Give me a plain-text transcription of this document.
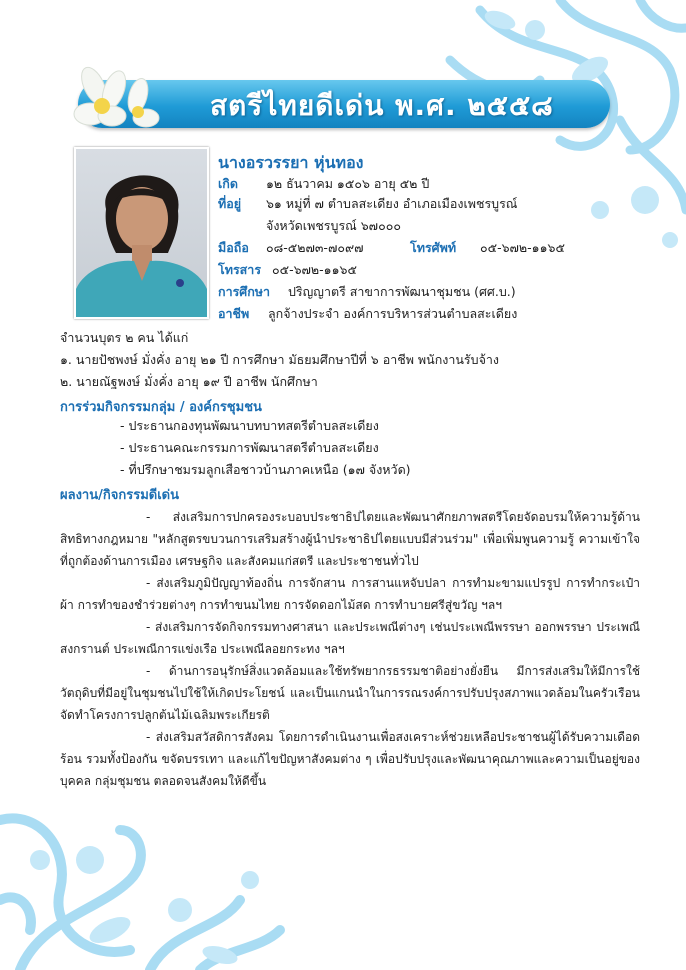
สตรีไทยดีเด่น พ.ศ. ๒๕๕๘
นางอรวรรยา หุ่นทอง
เกิด ๑๒ ธันวาคม ๑๕๐๖ อายุ ๕๒ ปี
ที่อยู่ ๖๑ หมู่ที่ ๗ ตำบลสะเดียง อำเภอเมืองเพชรบูรณ์
จังหวัดเพชรบูรณ์ ๖๗๐๐๐
มือถือ ๐๘-๕๒๗๓-๗๐๙๗	โทรศัพท์ ๐๕-๖๗๒-๑๑๖๕
โทรสาร ๐๕-๖๗๒-๑๑๖๕
การศึกษา ปริญญาตรี สาขาการพัฒนาชุมชน (ศศ.บ.)
อาชีพ ลูกจ้างประจำ องค์การบริหารส่วนตำบลสะเดียง
จำนวนบุตร ๒ คน ได้แก่
๑. นายปัชพงษ์ มั่งคั่ง อายุ ๒๑ ปี การศึกษา มัธยมศึกษาปีที่ ๖ อาชีพ พนักงานรับจ้าง
๒. นายณัฐพงษ์ มั่งคั่ง อายุ ๑๙ ปี อาชีพ นักศึกษา
การร่วมกิจกรรมกลุ่ม / องค์กรชุมชน
- ประธานกองทุนพัฒนาบทบาทสตรีตำบลสะเดียง
- ประธานคณะกรรมการพัฒนาสตรีตำบลสะเดียง
- ที่ปรึกษาชมรมลูกเสือชาวบ้านภาคเหนือ (๑๗ จังหวัด)
ผลงาน/กิจกรรมดีเด่น
- ส่งเสริมการปกครองระบอบประชาธิปไตยและพัฒนาศักยภาพสตรีโดยจัดอบรมให้ความรู้ด้านสิทธิทางกฎหมาย "หลักสูตรขบวนการเสริมสร้างผู้นำประชาธิปไตยแบบมีส่วนร่วม" เพื่อเพิ่มพูนความรู้ ความเข้าใจที่ถูกต้องด้านการเมือง เศรษฐกิจ และสังคมแก่สตรี และประชาชนทั่วไป
- ส่งเสริมภูมิปัญญาท้องถิ่น การจักสาน การสานแหจับปลา การทำมะขามแปรรูป การทำกระเป๋าผ้า การทำของชำร่วยต่างๆ การทำขนมไทย การจัดดอกไม้สด การทำบายศรีสู่ขวัญ ฯลฯ
- ส่งเสริมการจัดกิจกรรมทางศาสนา และประเพณีต่างๆ เช่นประเพณีพรรษา ออกพรรษา ประเพณีสงกรานต์ ประเพณีการแข่งเรือ ประเพณีลอยกระทง ฯลฯ
- ด้านการอนุรักษ์สิ่งแวดล้อมและใช้ทรัพยากรธรรมชาติอย่างยั่งยืน มีการส่งเสริมให้มีการใช้วัตถุดิบที่มีอยู่ในชุมชนไปใช้ให้เกิดประโยชน์ และเป็นแกนนำในการรณรงค์การปรับปรุงสภาพแวดล้อมในครัวเรือน จัดทำโครงการปลูกต้นไม้เฉลิมพระเกียรติ
- ส่งเสริมสวัสดิการสังคม โดยการดำเนินงานเพื่อสงเคราะห์ช่วยเหลือประชาชนผู้ได้รับความเดือดร้อน รวมทั้งป้องกัน ขจัดบรรเทา และแก้ไขปัญหาสังคมต่าง ๆ เพื่อปรับปรุงและพัฒนาคุณภาพและความเป็นอยู่ของบุคคล กลุ่มชุมชน ตลอดจนสังคมให้ดีขึ้น
